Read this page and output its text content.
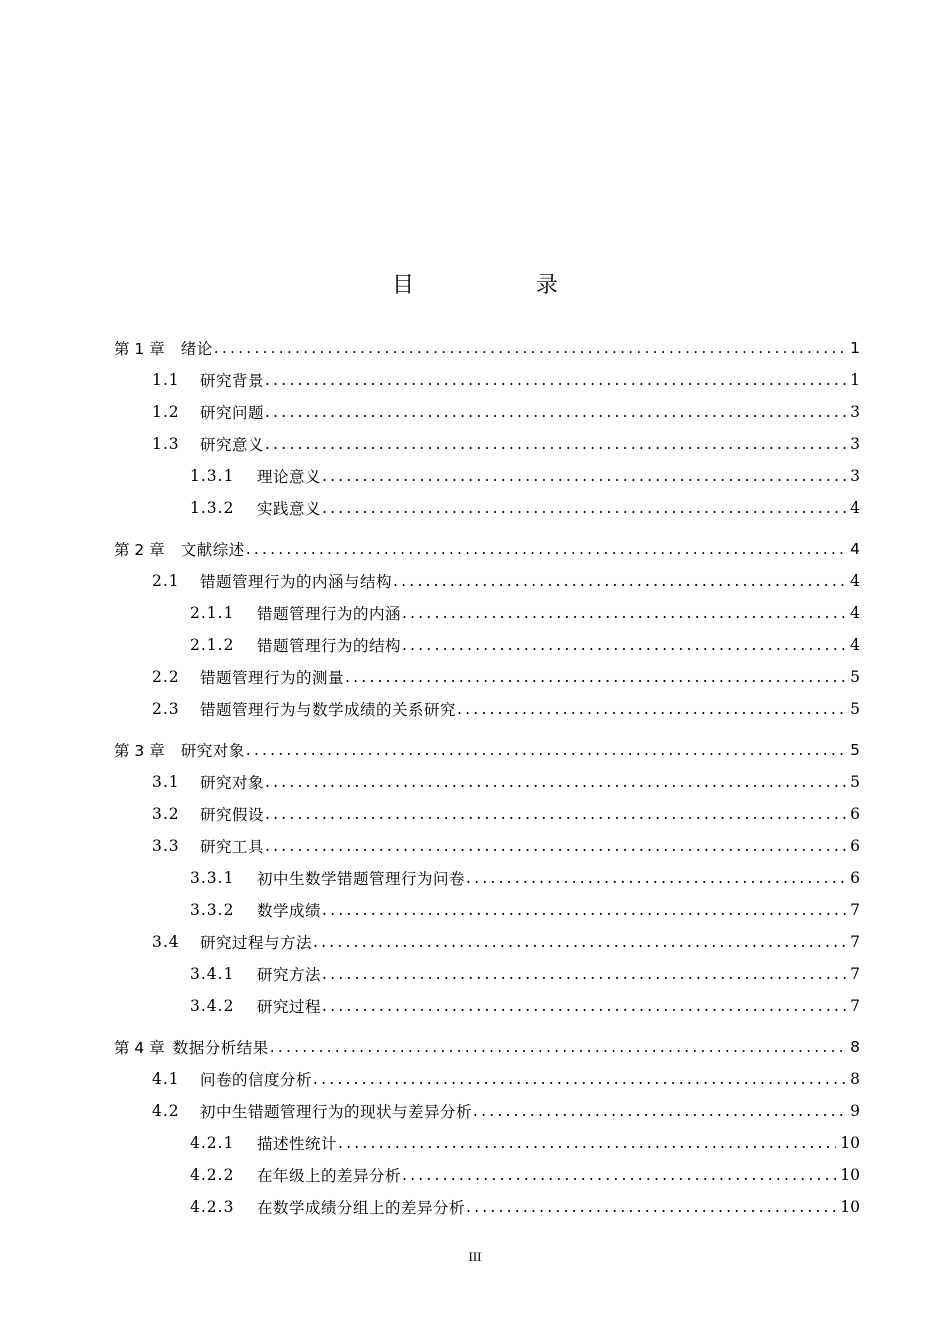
目　录
第 1 章 绪论 .....	1
1.1	研究背景 .....	1
1.2	研究问题 .....	3
1.3	研究意义 .....	3
1.3.1	理论意义 .....	3
1.3.2	实践意义 .....	4
第 2 章 文献综述 .....	4
2.1	错题管理行为的内涵与结构 .....	4
2.1.1	错题管理行为的内涵 .....	4
2.1.2	错题管理行为的结构 .....	4
2.2	错题管理行为的测量 .....	5
2.3	错题管理行为与数学成绩的关系研究 .....	5
第 3 章 研究对象 .....	5
3.1	研究对象 .....	5
3.2	研究假设 .....	6
3.3	研究工具 .....	6
3.3.1	初中生数学错题管理行为问卷 .....	6
3.3.2	数学成绩 .....	7
3.4	研究过程与方法 .....	7
3.4.1	研究方法 .....	7
3.4.2	研究过程 .....	7
第 4 章 数据分析结果 .....	8
4.1	问卷的信度分析 .....	8
4.2	初中生错题管理行为的现状与差异分析 .....	9
4.2.1	描述性统计 .....	10
4.2.2	在年级上的差异分析 .....	10
4.2.3	在数学成绩分组上的差异分析 .....	10
III
